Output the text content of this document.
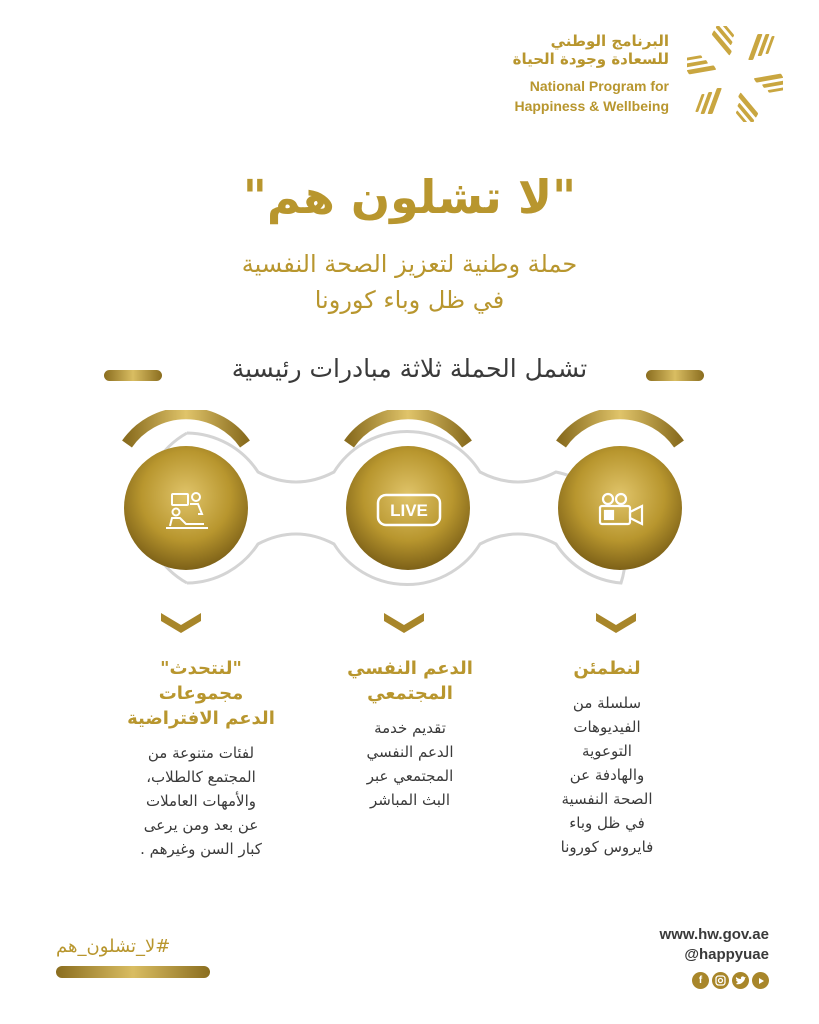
البرنامج الوطني
للسعادة وجودة الحياة
National Program for
Happiness & Wellbeing
"لا تشلون هم"
حملة وطنية لتعزيز الصحة النفسية
في ظل وباء كورونا
تشمل الحملة ثلاثة مبادرات رئيسية
LIVE
"لنتحدث"
مجموعات
الدعم الافتراضية
لفئات متنوعة من
المجتمع كالطلاب،
والأمهات العاملات
عن بعد ومن يرعى
كبار السن وغيرهم .
الدعم النفسي
المجتمعي
تقديم خدمة
الدعم النفسي
المجتمعي عبر
البث المباشر
لنطمئن
سلسلة من
الفيديوهات
التوعوية
والهادفة عن
الصحة النفسية
في ظل وباء
فايروس كورونا
#لا_تشلون_هم
www.hw.gov.ae
@happyuae
f
